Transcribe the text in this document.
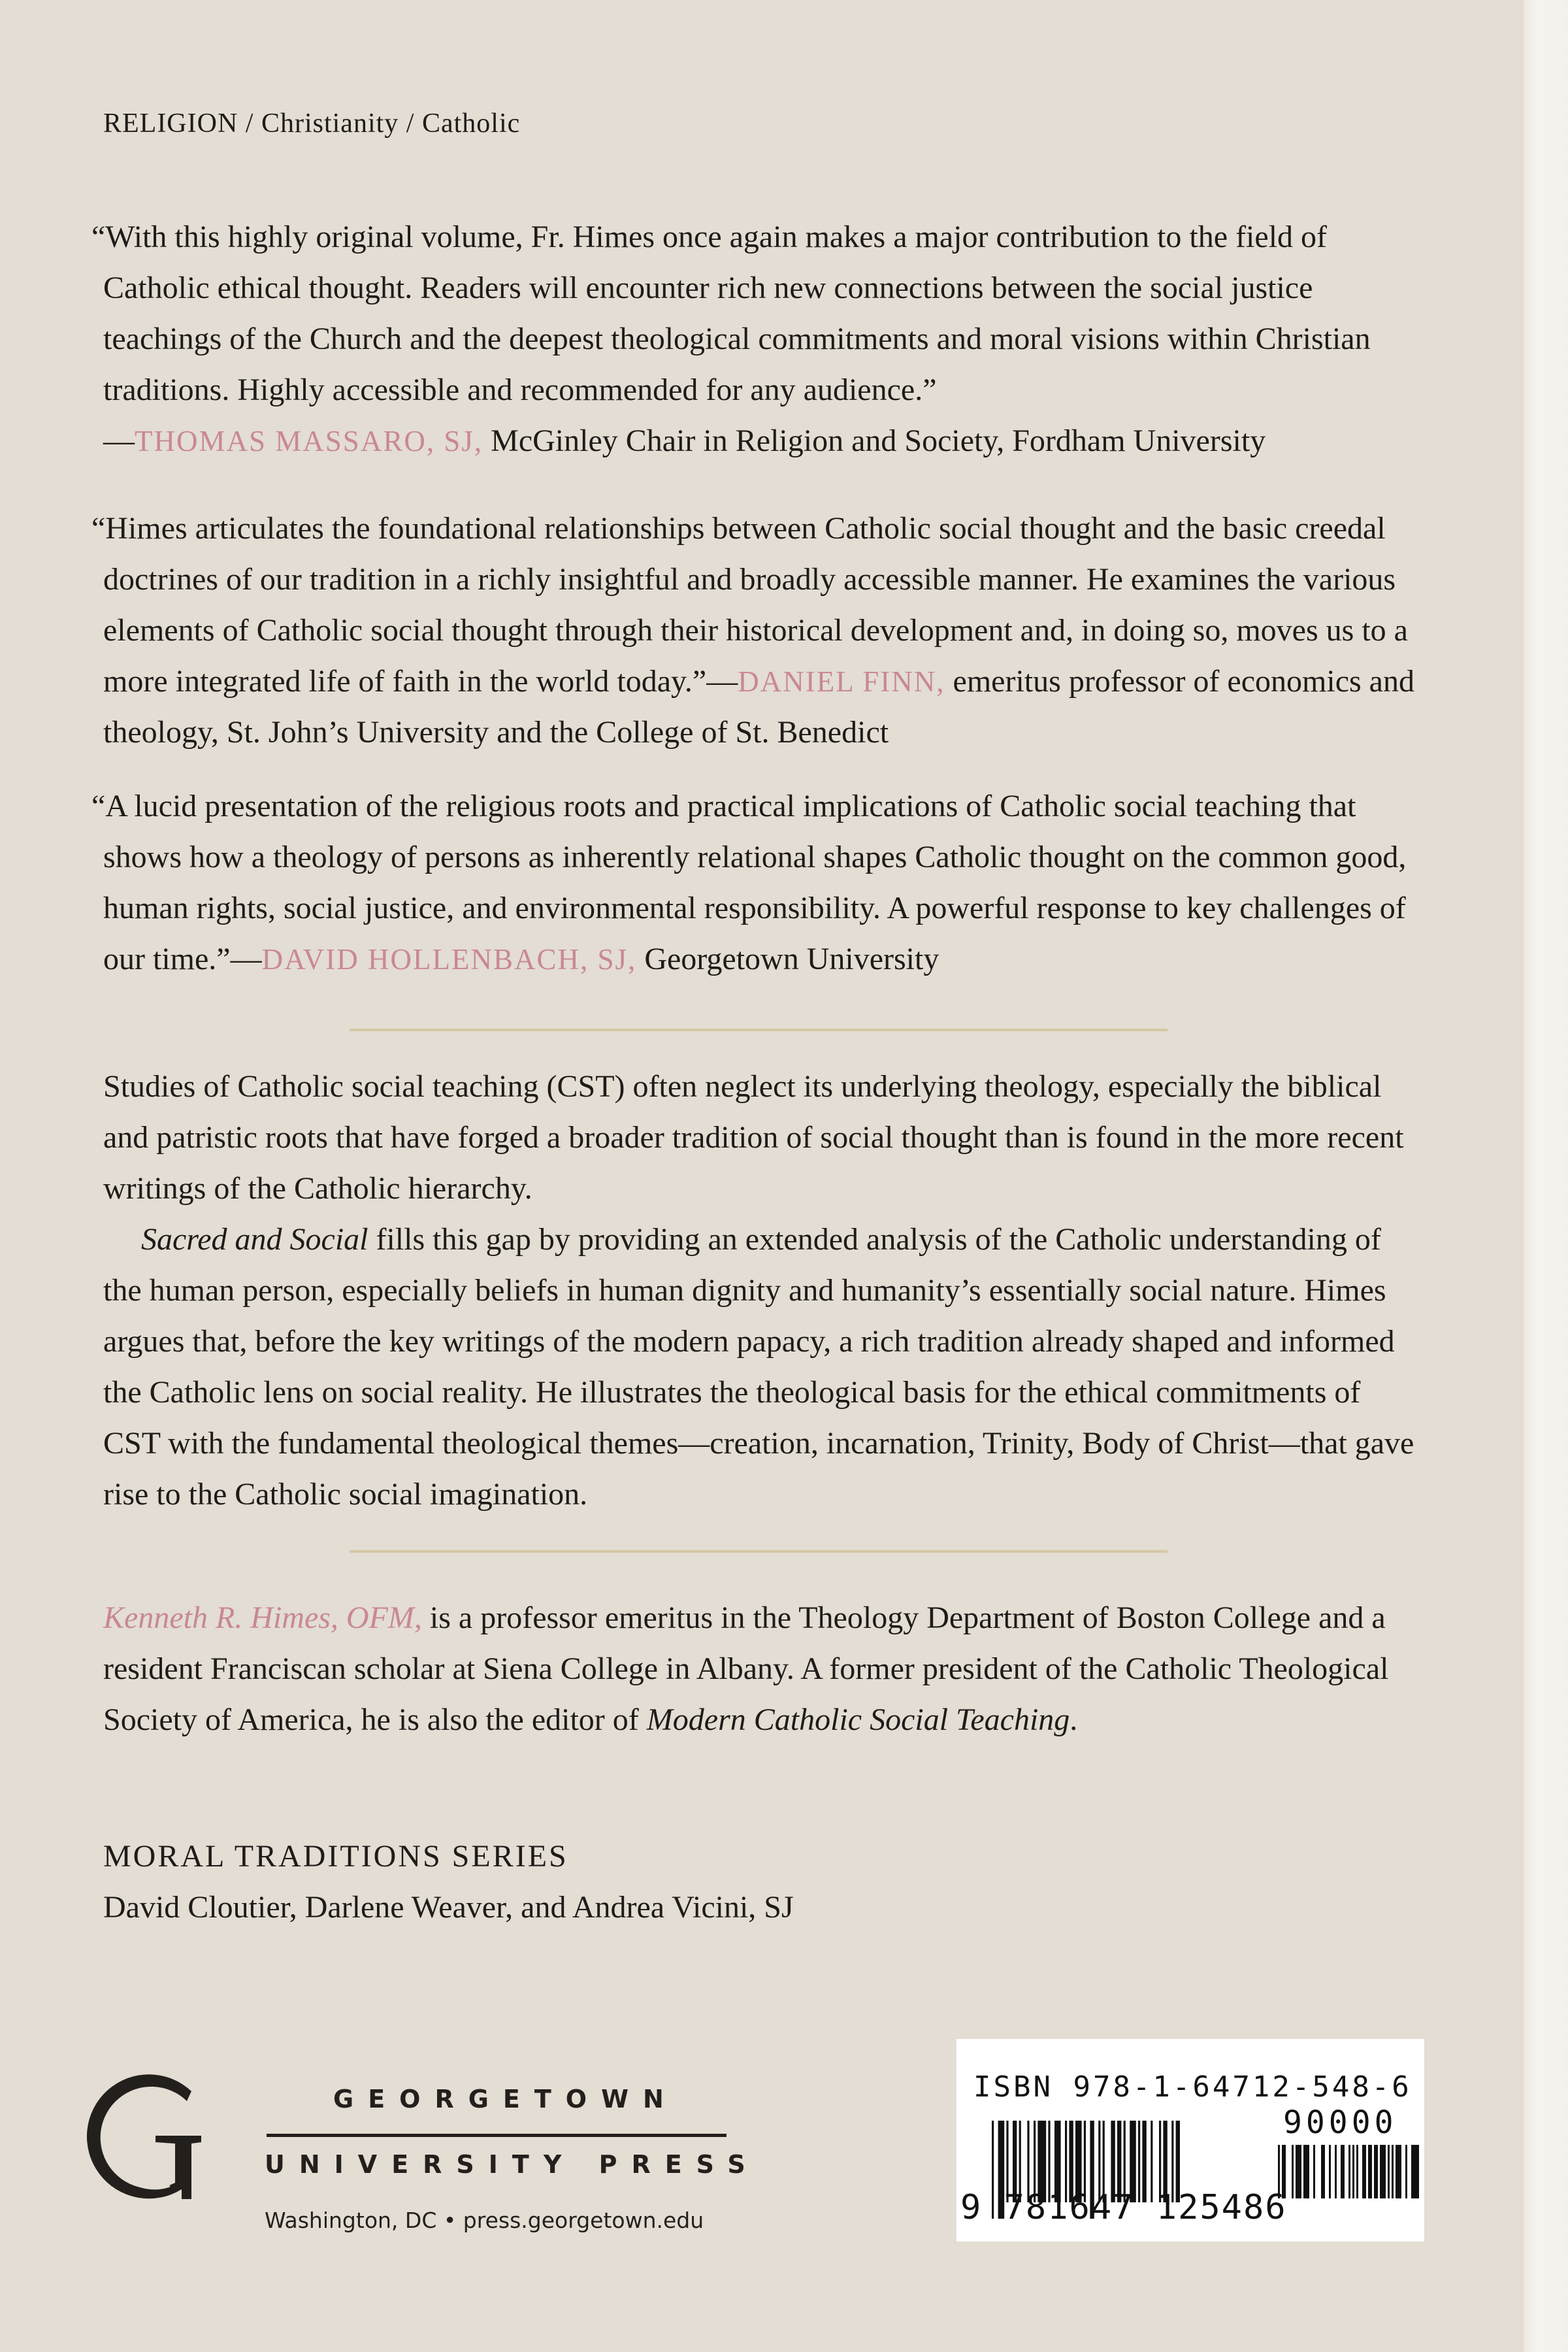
RELIGION / Christianity / Catholic
“With this highly original volume, Fr. Himes once again makes a major contribution to the field of Catholic ethical thought. Readers will encounter rich new connections between the social justice teachings of the Church and the deepest theological commitments and moral visions within Christian traditions. Highly accessible and recommended for any audience.”
—THOMAS MASSARO, SJ, McGinley Chair in Religion and Society, Fordham University
“Himes articulates the foundational relationships between Catholic social thought and the basic creedal doctrines of our tradition in a richly insightful and broadly accessible manner. He examines the various elements of Catholic social thought through their historical development and, in doing so, moves us to a more integrated life of faith in the world today.”—DANIEL FINN, emeritus professor of economics and theology, St. John’s University and the College of St. Benedict
“A lucid presentation of the religious roots and practical implications of Catholic social teaching that shows how a theology of persons as inherently relational shapes Catholic thought on the common good, human rights, social justice, and environmental responsibility. A powerful response to key challenges of our time.”—DAVID HOLLENBACH, SJ, Georgetown University
Studies of Catholic social teaching (CST) often neglect its underlying theology, especially the biblical and patristic roots that have forged a broader tradition of social thought than is found in the more recent writings of the Catholic hierarchy.
Sacred and Social fills this gap by providing an extended analysis of the Catholic understanding of the human person, especially beliefs in human dignity and humanity’s essentially social nature. Himes argues that, before the key writings of the modern papacy, a rich tradition already shaped and informed the Catholic lens on social reality. He illustrates the theological basis for the ethical commitments of CST with the fundamental theological themes—creation, incarnation, Trinity, Body of Christ—that gave rise to the Catholic social imagination.
Kenneth R. Himes, OFM, is a professor emeritus in the Theology Department of Boston College and a resident Franciscan scholar at Siena College in Albany. A former president of the Catholic Theological Society of America, he is also the editor of Modern Catholic Social Teaching.
MORAL TRADITIONS SERIES
David Cloutier, Darlene Weaver, and Andrea Vicini, SJ
GEORGETOWN
UNIVERSITY PRESS
Washington, DC • press.georgetown.edu
ISBN 978-1-64712-548-6
90000
9 781647 125486
